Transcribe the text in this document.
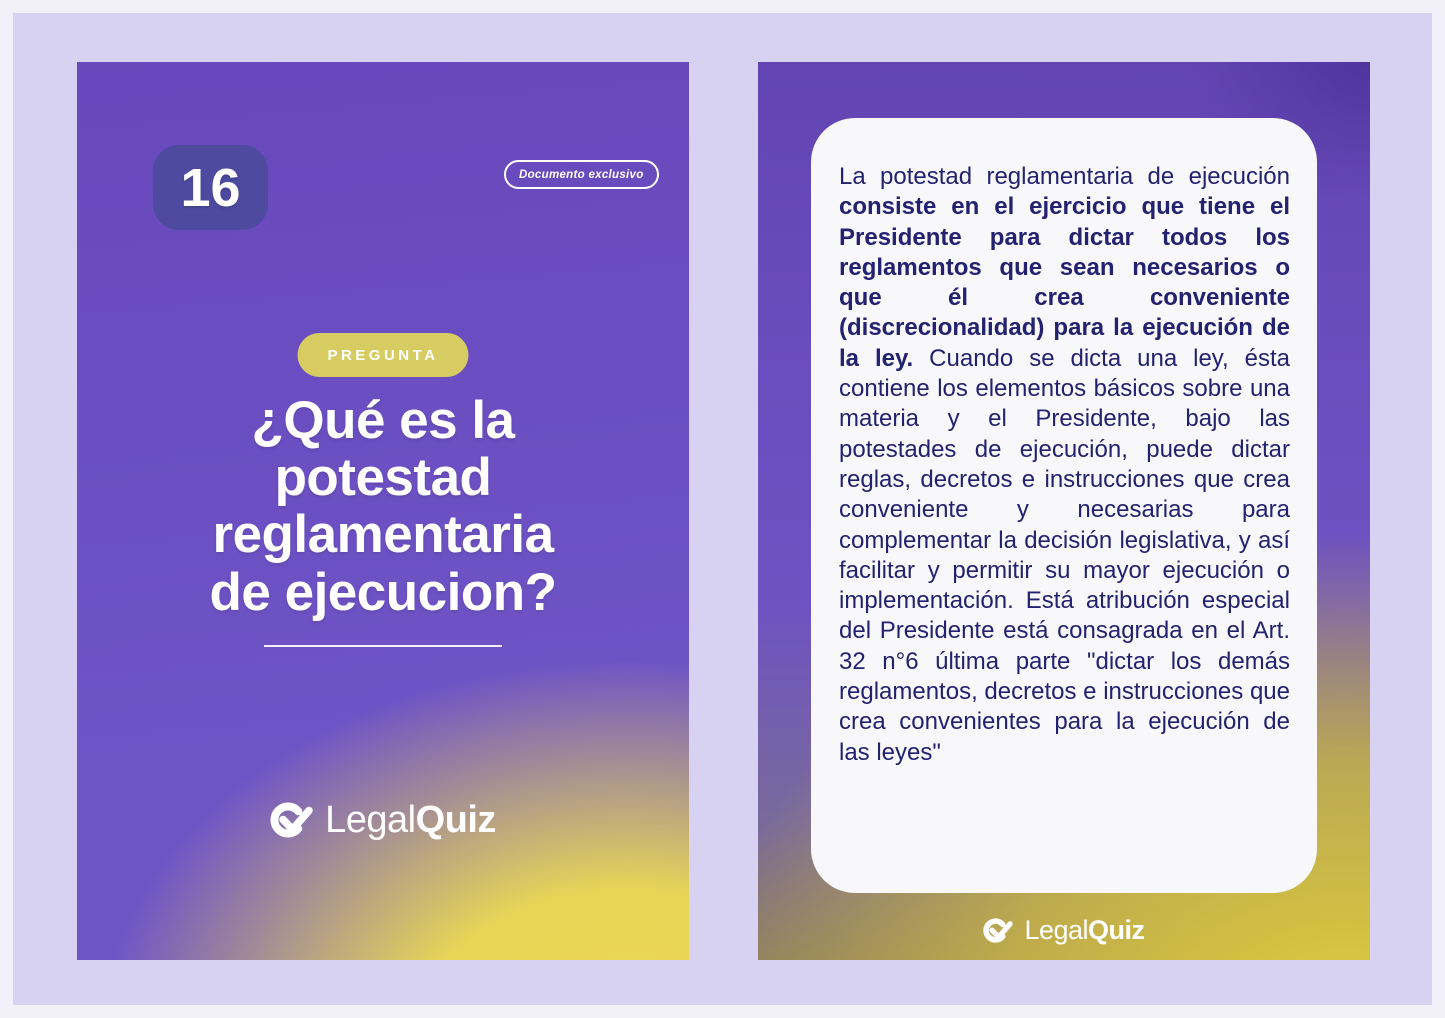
16	Documento exclusivo
PREGUNTA
¿Qué es la
potestad
reglamentaria
de ejecucion?
LegalQuiz

La potestad reglamentaria de ejecución consiste en el ejercicio que tiene el Presidente para dictar todos los reglamentos que sean necesarios o que él crea conveniente (discrecionalidad) para la ejecución de la ley. Cuando se dicta una ley, ésta contiene los elementos básicos sobre una materia y el Presidente, bajo las potestades de ejecución, puede dictar reglas, decretos e instrucciones que crea conveniente y necesarias para complementar la decisión legislativa, y así facilitar y permitir su mayor ejecución o implementación. Está atribución especial del Presidente está consagrada en el Art. 32 n°6 última parte "dictar los demás reglamentos, decretos e instrucciones que crea convenientes para la ejecución de las leyes"

LegalQuiz
